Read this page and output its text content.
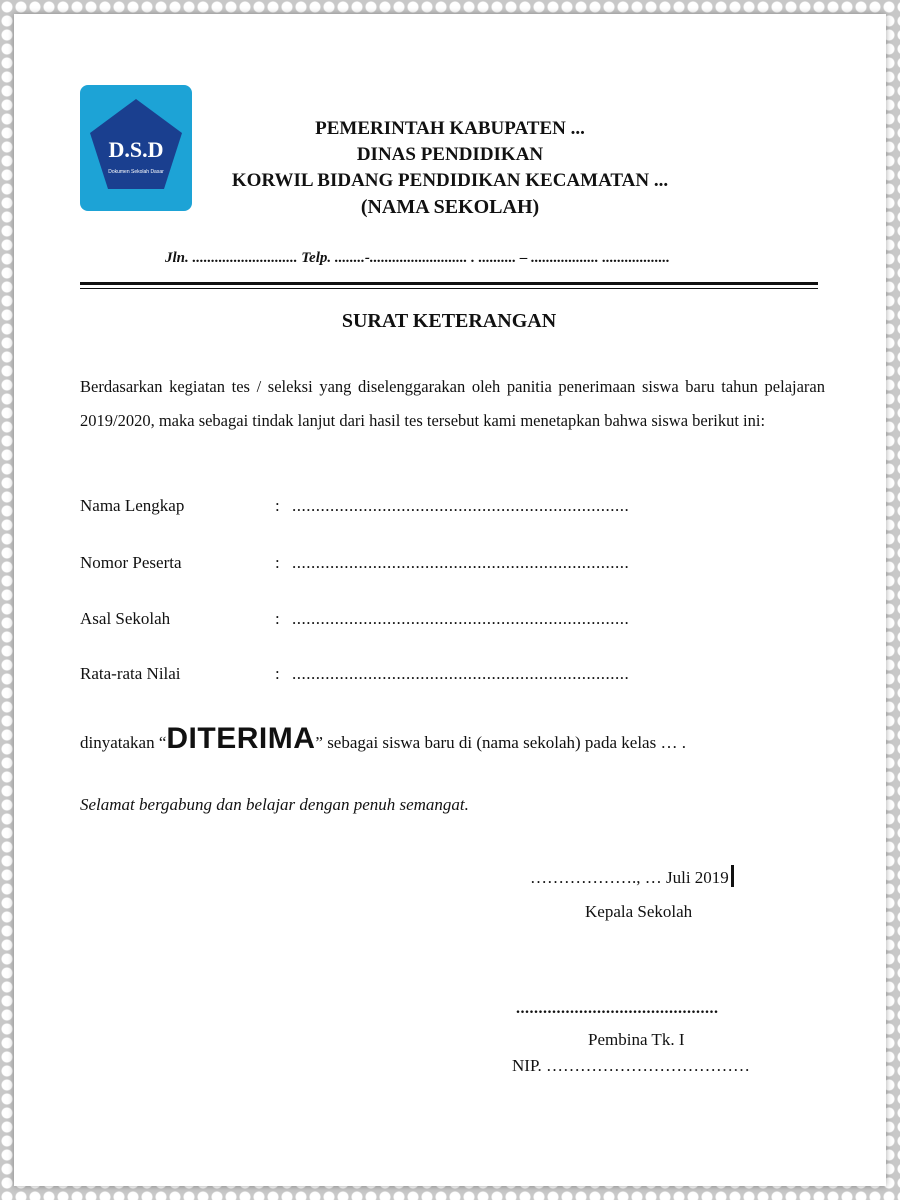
D.S.D
Dokumen Sekolah Dasar
PEMERINTAH KABUPATEN ...
DINAS PENDIDIKAN
KORWIL BIDANG PENDIDIKAN KECAMATAN ...
(NAMA SEKOLAH)
Jln. ............................ Telp. ........-.......................... . .......... – .................. ..................
SURAT KETERANGAN
Berdasarkan kegiatan tes / seleksi yang diselenggarakan oleh panitia penerimaan siswa baru tahun pelajaran 2019/2020, maka sebagai tindak lanjut dari hasil tes tersebut kami menetapkan bahwa siswa berikut ini:
Nama Lengkap	: .......................................................................
Nomor Peserta	: .......................................................................
Asal Sekolah	: .......................................................................
Rata-rata Nilai	: .......................................................................
dinyatakan “DITERIMA” sebagai siswa baru di (nama sekolah) pada kelas … .
Selamat bergabung dan belajar dengan penuh semangat.
………………., … Juli 2019
Kepala Sekolah
.............................................
Pembina Tk. I
NIP. ………………………………
